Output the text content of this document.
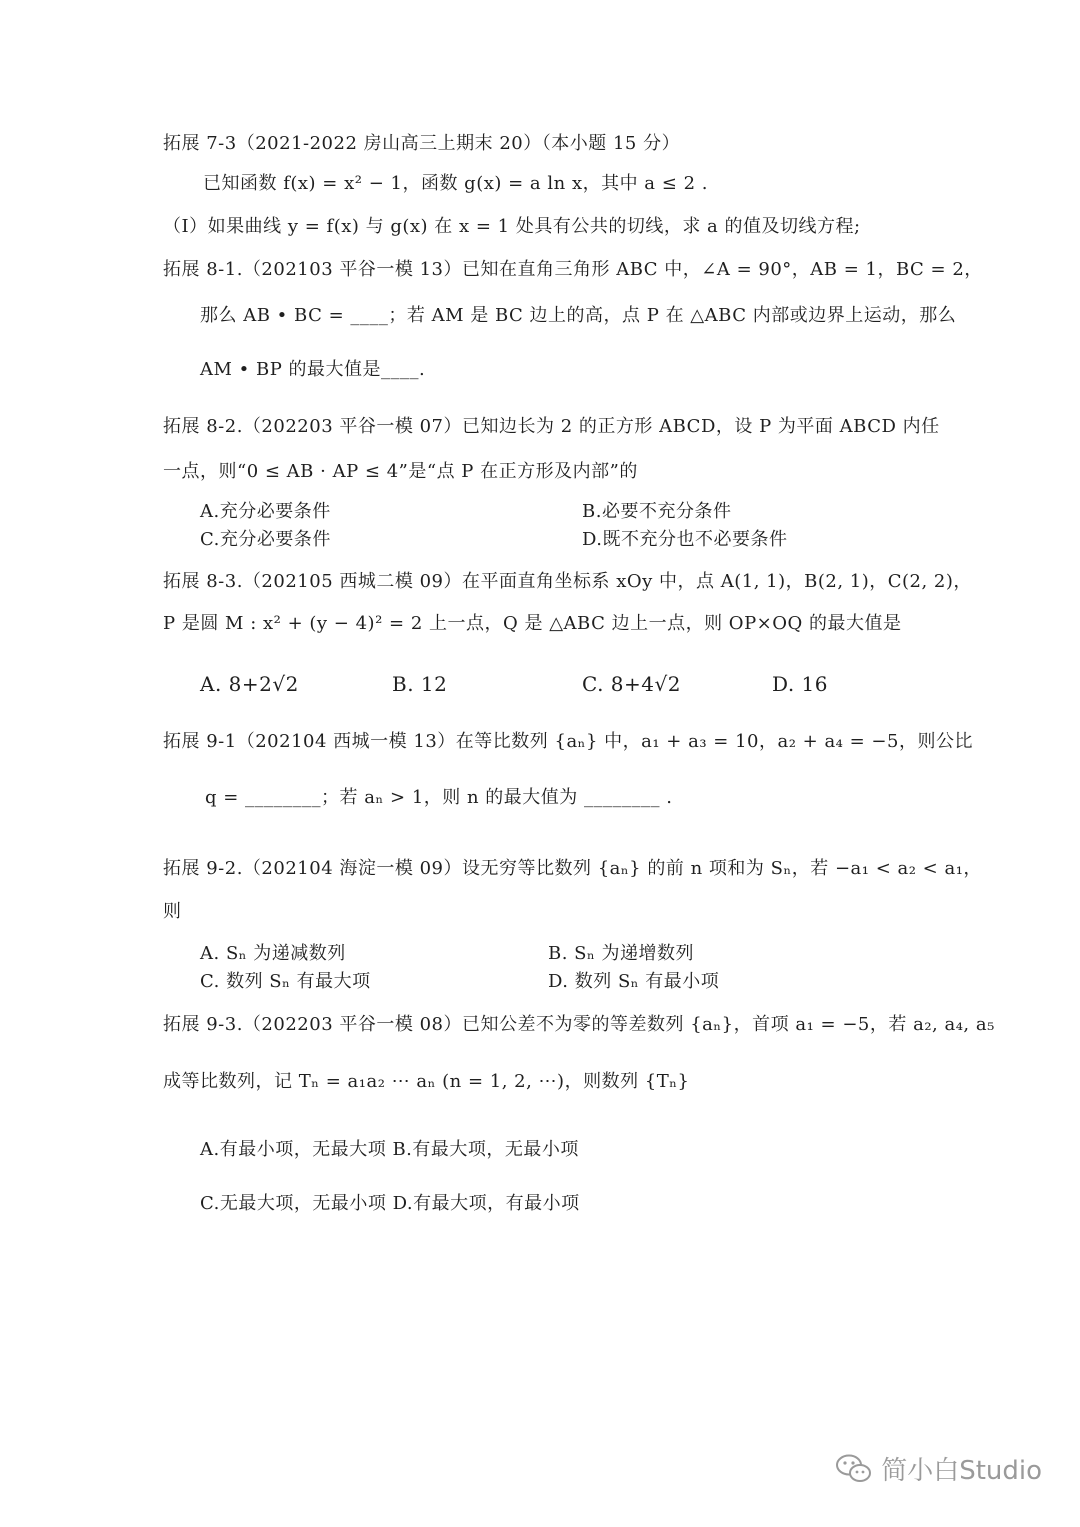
拓展 7-3（2021-2022 房山高三上期末 20）（本小题 15 分）
已知函数 f(x) = x² − 1，函数 g(x) = a ln x，其中 a ≤ 2 .
（Ⅰ）如果曲线 y = f(x) 与 g(x) 在 x = 1 处具有公共的切线，求 a 的值及切线方程;
拓展 8-1.（202103 平谷一模 13）已知在直角三角形 ABC 中，∠A = 90°，AB = 1，BC = 2，
那么 AB • BC = ____；若 AM 是 BC 边上的高，点 P 在 △ABC 内部或边界上运动，那么
AM • BP 的最大值是____.
拓展 8-2.（202203 平谷一模 07）已知边长为 2 的正方形 ABCD，设 P 为平面 ABCD 内任
一点，则“0 ≤ AB · AP ≤ 4”是“点 P 在正方形及内部”的
A.充分必要条件	B.必要不充分条件
C.充分必要条件	D.既不充分也不必要条件
拓展 8-3.（202105 西城二模 09）在平面直角坐标系 xOy 中，点 A(1, 1)，B(2, 1)，C(2, 2)，
P 是圆 M : x² + (y − 4)² = 2 上一点，Q 是 △ABC 边上一点，则 OP×OQ 的最大值是
A. 8+2√2	B. 12	C. 8+4√2	D. 16
拓展 9-1（202104 西城一模 13）在等比数列 {aₙ} 中，a₁ + a₃ = 10，a₂ + a₄ = −5，则公比
q = ________；若 aₙ > 1，则 n 的最大值为 ________ .
拓展 9-2.（202104 海淀一模 09）设无穷等比数列 {aₙ} 的前 n 项和为 Sₙ，若 −a₁ < a₂ < a₁，
则
A. Sₙ 为递减数列	B. Sₙ 为递增数列
C. 数列 Sₙ 有最大项	D. 数列 Sₙ 有最小项
拓展 9-3.（202203 平谷一模 08）已知公差不为零的等差数列 {aₙ}，首项 a₁ = −5，若 a₂, a₄, a₅
成等比数列，记 Tₙ = a₁a₂ ⋯ aₙ (n = 1, 2, ⋯)，则数列 {Tₙ}
A.有最小项，无最大项 B.有最大项，无最小项
C.无最大项，无最小项 D.有最大项，有最小项
简小白Studio
